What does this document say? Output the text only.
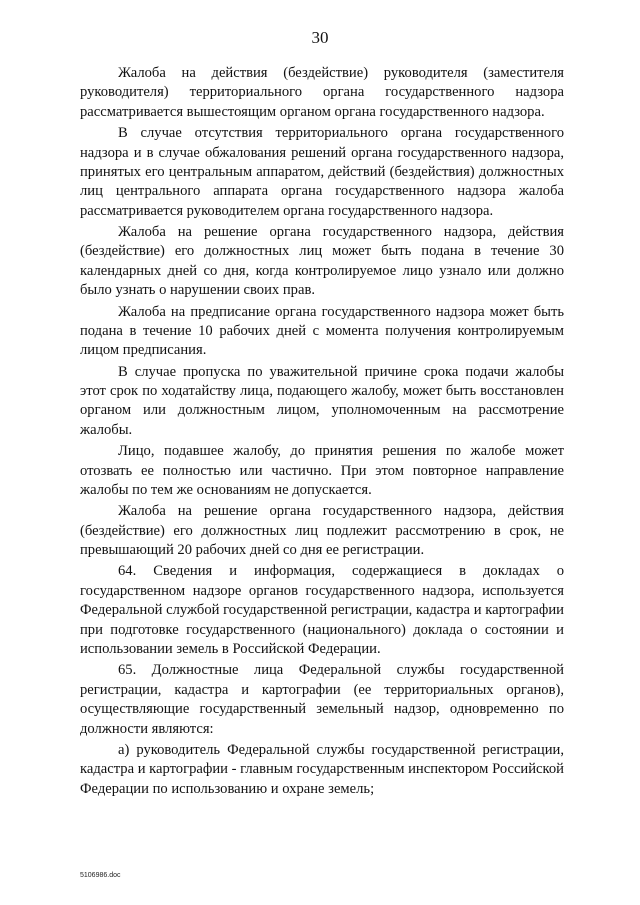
30

Жалоба на действия (бездействие) руководителя (заместителя руководителя) территориального органа государственного надзора рассматривается вышестоящим органом органа государственного надзора.

В случае отсутствия территориального органа государственного надзора и в случае обжалования решений органа государственного надзора, принятых его центральным аппаратом, действий (бездействия) должностных лиц центрального аппарата органа государственного надзора жалоба рассматривается руководителем органа государственного надзора.

Жалоба на решение органа государственного надзора, действия (бездействие) его должностных лиц может быть подана в течение 30 календарных дней со дня, когда контролируемое лицо узнало или должно было узнать о нарушении своих прав.

Жалоба на предписание органа государственного надзора может быть подана в течение 10 рабочих дней с момента получения контролируемым лицом предписания.

В случае пропуска по уважительной причине срока подачи жалобы этот срок по ходатайству лица, подающего жалобу, может быть восстановлен органом или должностным лицом, уполномоченным на рассмотрение жалобы.

Лицо, подавшее жалобу, до принятия решения по жалобе может отозвать ее полностью или частично. При этом повторное направление жалобы по тем же основаниям не допускается.

Жалоба на решение органа государственного надзора, действия (бездействие) его должностных лиц подлежит рассмотрению в срок, не превышающий 20 рабочих дней со дня ее регистрации.

64. Сведения и информация, содержащиеся в докладах о государственном надзоре органов государственного надзора, используется Федеральной службой государственной регистрации, кадастра и картографии при подготовке государственного (национального) доклада о состоянии и использовании земель в Российской Федерации.

65. Должностные лица Федеральной службы государственной регистрации, кадастра и картографии (ее территориальных органов), осуществляющие государственный земельный надзор, одновременно по должности являются:

а) руководитель Федеральной службы государственной регистрации, кадастра и картографии - главным государственным инспектором Российской Федерации по использованию и охране земель;

5106986.doc
